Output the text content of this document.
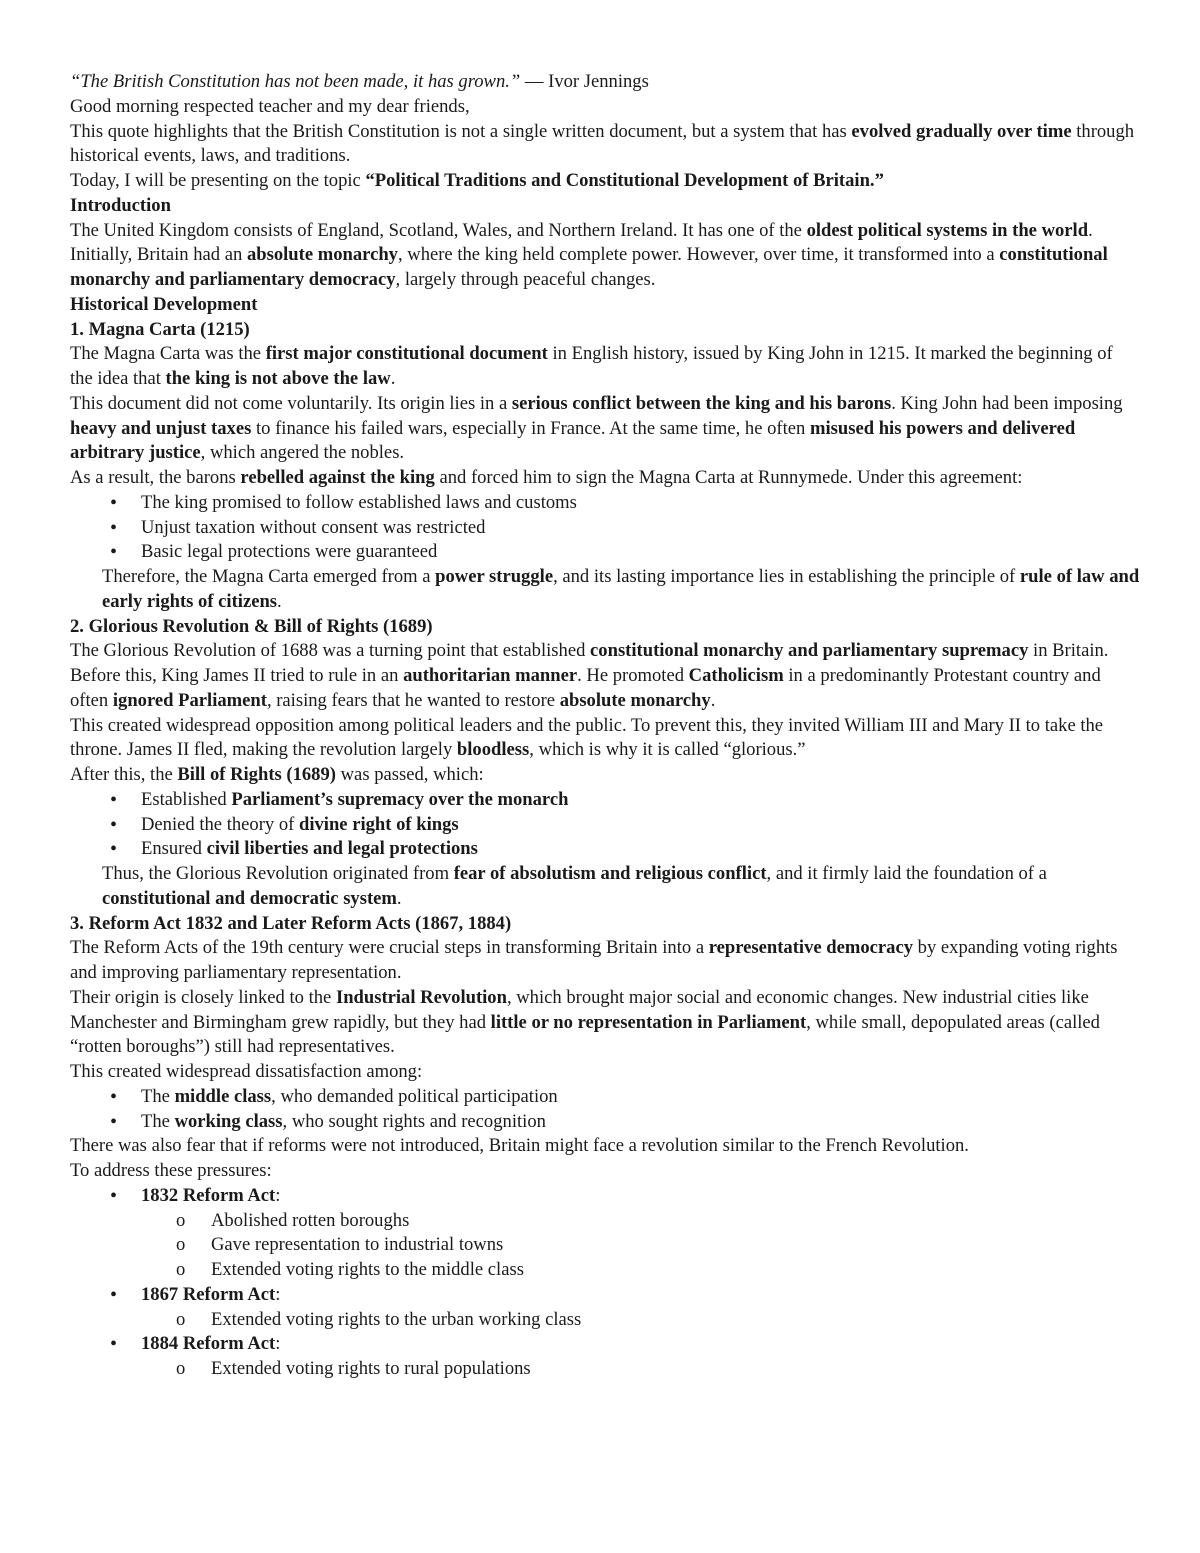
“The British Constitution has not been made, it has grown.” — Ivor Jennings

Good morning respected teacher and my dear friends,

This quote highlights that the British Constitution is not a single written document, but a system that has evolved gradually over time through historical events, laws, and traditions.

Today, I will be presenting on the topic “Political Traditions and Constitutional Development of Britain.”

Introduction

The United Kingdom consists of England, Scotland, Wales, and Northern Ireland. It has one of the oldest political systems in the world.

Initially, Britain had an absolute monarchy, where the king held complete power. However, over time, it transformed into a constitutional monarchy and parliamentary democracy, largely through peaceful changes.

Historical Development
1. Magna Carta (1215)

The Magna Carta was the first major constitutional document in English history, issued by King John in 1215. It marked the beginning of the idea that the king is not above the law.

This document did not come voluntarily. Its origin lies in a serious conflict between the king and his barons. King John had been imposing heavy and unjust taxes to finance his failed wars, especially in France. At the same time, he often misused his powers and delivered arbitrary justice, which angered the nobles.

As a result, the barons rebelled against the king and forced him to sign the Magna Carta at Runnymede. Under this agreement:

• The king promised to follow established laws and customs
• Unjust taxation without consent was restricted
• Basic legal protections were guaranteed

Therefore, the Magna Carta emerged from a power struggle, and its lasting importance lies in establishing the principle of rule of law and early rights of citizens.

2. Glorious Revolution & Bill of Rights (1689)

The Glorious Revolution of 1688 was a turning point that established constitutional monarchy and parliamentary supremacy in Britain.

Before this, King James II tried to rule in an authoritarian manner. He promoted Catholicism in a predominantly Protestant country and often ignored Parliament, raising fears that he wanted to restore absolute monarchy.

This created widespread opposition among political leaders and the public. To prevent this, they invited William III and Mary II to take the throne. James II fled, making the revolution largely bloodless, which is why it is called “glorious.”

After this, the Bill of Rights (1689) was passed, which:

• Established Parliament’s supremacy over the monarch
• Denied the theory of divine right of kings
• Ensured civil liberties and legal protections

Thus, the Glorious Revolution originated from fear of absolutism and religious conflict, and it firmly laid the foundation of a constitutional and democratic system.

3. Reform Act 1832 and Later Reform Acts (1867, 1884)

The Reform Acts of the 19th century were crucial steps in transforming Britain into a representative democracy by expanding voting rights and improving parliamentary representation.

Their origin is closely linked to the Industrial Revolution, which brought major social and economic changes. New industrial cities like Manchester and Birmingham grew rapidly, but they had little or no representation in Parliament, while small, depopulated areas (called “rotten boroughs”) still had representatives.

This created widespread dissatisfaction among:

• The middle class, who demanded political participation
• The working class, who sought rights and recognition

There was also fear that if reforms were not introduced, Britain might face a revolution similar to the French Revolution.

To address these pressures:

• 1832 Reform Act:
o Abolished rotten boroughs
o Gave representation to industrial towns
o Extended voting rights to the middle class
• 1867 Reform Act:
o Extended voting rights to the urban working class
• 1884 Reform Act:
o Extended voting rights to rural populations
